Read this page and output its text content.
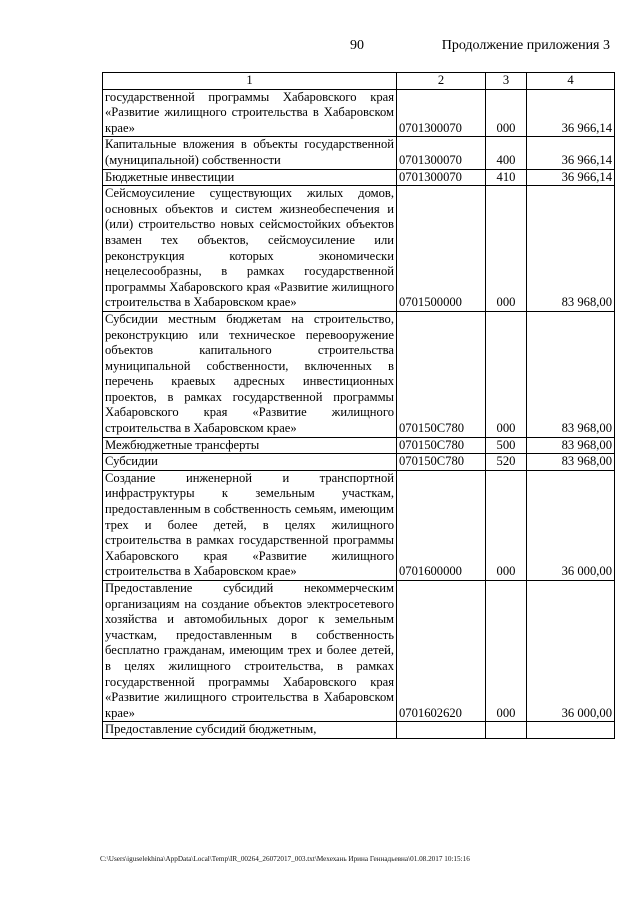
90	Продолжение приложения 3
1	2	3	4
государственной программы Хабаровского края «Развитие жилищного строительства в Хабаровском крае»	0701300070	000	36 966,14
Капитальные вложения в объекты государственной (муниципальной) собственности	0701300070	400	36 966,14
Бюджетные инвестиции	0701300070	410	36 966,14
Сейсмоусиление существующих жилых домов, основных объектов и систем жизнеобеспечения и (или) строительство новых сейсмостойких объектов взамен тех объектов, сейсмоусиление или реконструкция которых экономически нецелесообразны, в рамках государственной программы Хабаровского края «Развитие жилищного строительства в Хабаровском крае»	0701500000	000	83 968,00
Субсидии местным бюджетам на строительство, реконструкцию или техническое перевооружение объектов капитального строительства муниципальной собственности, включенных в перечень краевых адресных инвестиционных проектов, в рамках государственной программы Хабаровского края «Развитие жилищного строительства в Хабаровском крае»	070150С780	000	83 968,00
Межбюджетные трансферты	070150С780	500	83 968,00
Субсидии	070150С780	520	83 968,00
Создание инженерной и транспортной инфраструктуры к земельным участкам, предоставленным в собственность семьям, имеющим трех и более детей, в целях жилищного строительства в рамках государственной программы Хабаровского края «Развитие жилищного строительства в Хабаровском крае»	0701600000	000	36 000,00
Предоставление субсидий некоммерческим организациям на создание объектов электросетевого хозяйства и автомобильных дорог к земельным участкам, предоставленным в собственность бесплатно гражданам, имеющим трех и более детей, в целях жилищного строительства, в рамках государственной программы Хабаровского края «Развитие жилищного строительства в Хабаровском крае»	0701602620	000	36 000,00
Предоставление субсидий бюджетным,			
C:\Users\iguselekhina\AppData\Local\Temp\IR_00264_26072017_003.txt\Мехехань Ирина Геннадьевна\01.08.2017 10:15:16
